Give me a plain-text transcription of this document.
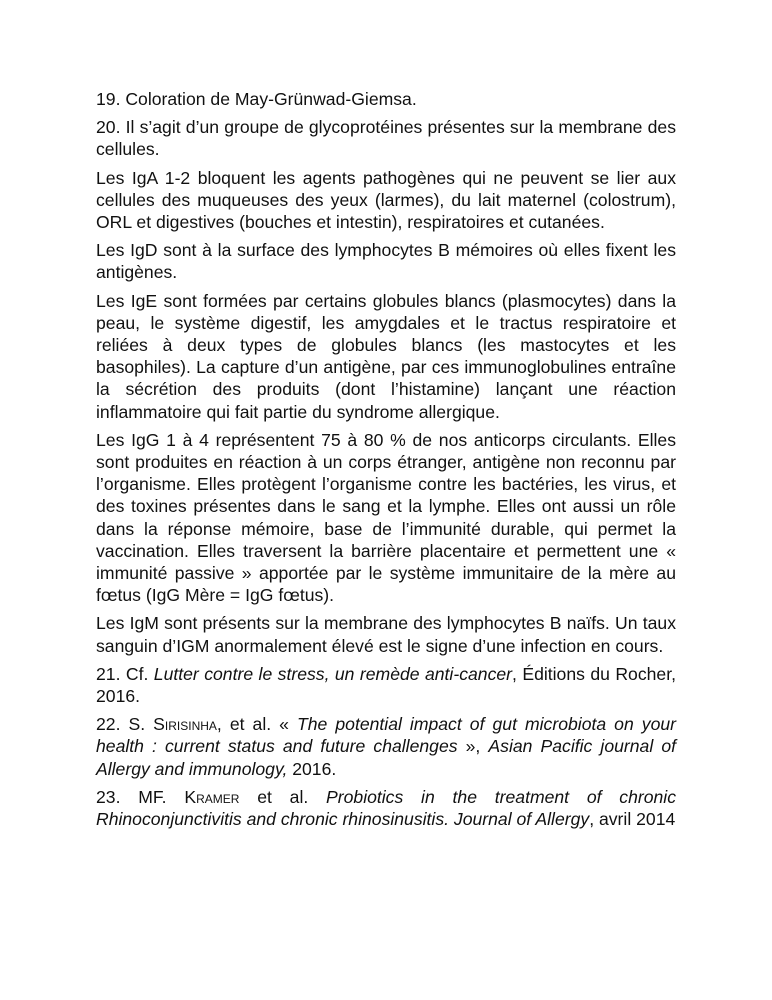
19. Coloration de May-Grünwad-Giemsa.

20. Il s’agit d’un groupe de glycoprotéines présentes sur la membrane des cellules.

Les IgA 1-2 bloquent les agents pathogènes qui ne peuvent se lier aux cellules des muqueuses des yeux (larmes), du lait maternel (colostrum), ORL et digestives (bouches et intestin), respiratoires et cutanées.

Les IgD sont à la surface des lymphocytes B mémoires où elles fixent les antigènes.

Les IgE sont formées par certains globules blancs (plasmocytes) dans la peau, le système digestif, les amygdales et le tractus respiratoire et reliées à deux types de globules blancs (les mastocytes et les basophiles). La capture d’un antigène, par ces immunoglobulines entraîne la sécrétion des produits (dont l’histamine) lançant une réaction inflammatoire qui fait partie du syndrome allergique.

Les IgG 1 à 4 représentent 75 à 80 % de nos anticorps circulants. Elles sont produites en réaction à un corps étranger, antigène non reconnu par l’organisme. Elles protègent l’organisme contre les bactéries, les virus, et des toxines présentes dans le sang et la lymphe. Elles ont aussi un rôle dans la réponse mémoire, base de l’immunité durable, qui permet la vaccination. Elles traversent la barrière placentaire et permettent une « immunité passive » apportée par le système immunitaire de la mère au fœtus (IgG Mère = IgG fœtus).

Les IgM sont présents sur la membrane des lymphocytes B naïfs. Un taux sanguin d’IGM anormalement élevé est le signe d’une infection en cours.

21. Cf. Lutter contre le stress, un remède anti-cancer, Éditions du Rocher, 2016.

22. S. Sirisinha, et al. « The potential impact of gut microbiota on your health : current status and future challenges », Asian Pacific journal of Allergy and immunology, 2016.

23. MF. Kramer et al. Probiotics in the treatment of chronic Rhinoconjunctivitis and chronic rhinosinusitis. Journal of Allergy, avril 2014
